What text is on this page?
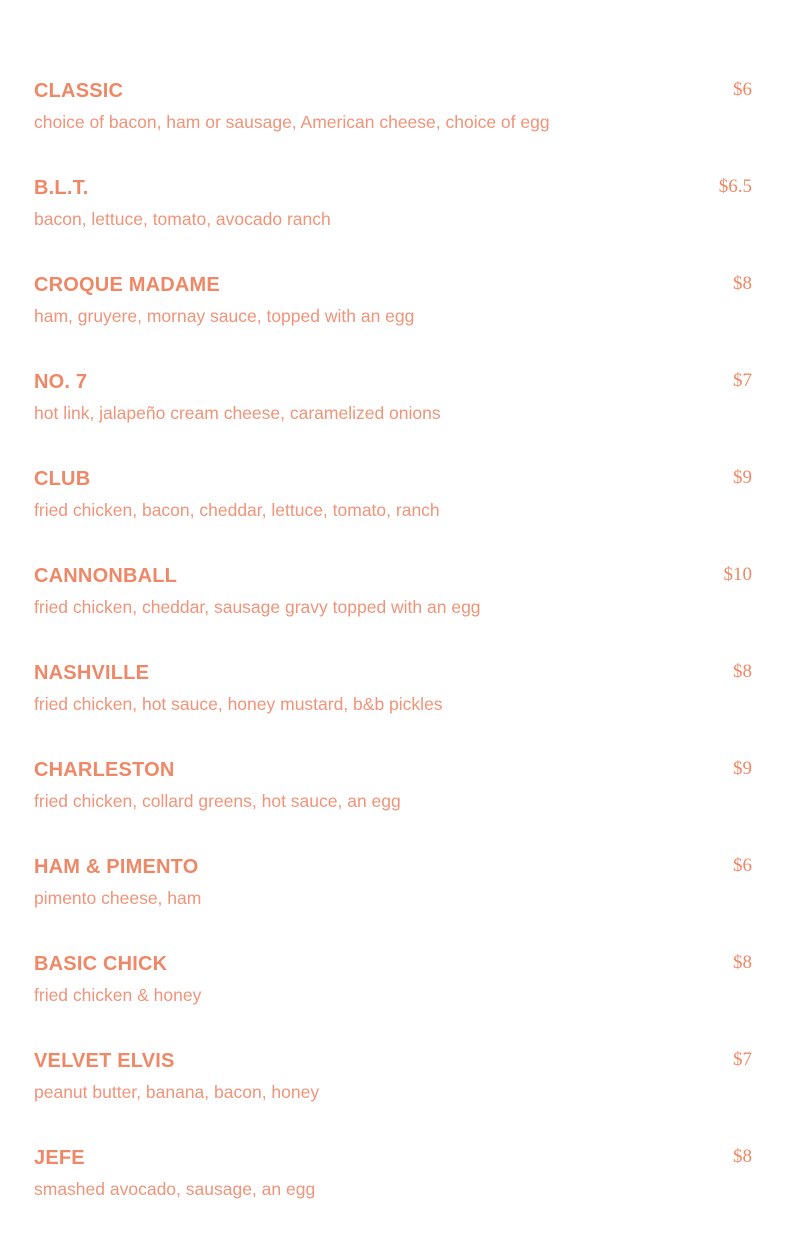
CLASSIC	$6
choice of bacon, ham or sausage, American cheese, choice of egg
B.L.T.	$6.5
bacon, lettuce, tomato, avocado ranch
CROQUE MADAME	$8
ham, gruyere, mornay sauce, topped with an egg
NO. 7	$7
hot link, jalapeño cream cheese, caramelized onions
CLUB	$9
fried chicken, bacon, cheddar, lettuce, tomato, ranch
CANNONBALL	$10
fried chicken, cheddar, sausage gravy topped with an egg
NASHVILLE	$8
fried chicken, hot sauce, honey mustard, b&b pickles
CHARLESTON	$9
fried chicken, collard greens, hot sauce, an egg
HAM & PIMENTO	$6
pimento cheese, ham
BASIC CHICK	$8
fried chicken & honey
VELVET ELVIS	$7
peanut butter, banana, bacon, honey
JEFE	$8
smashed avocado, sausage, an egg
